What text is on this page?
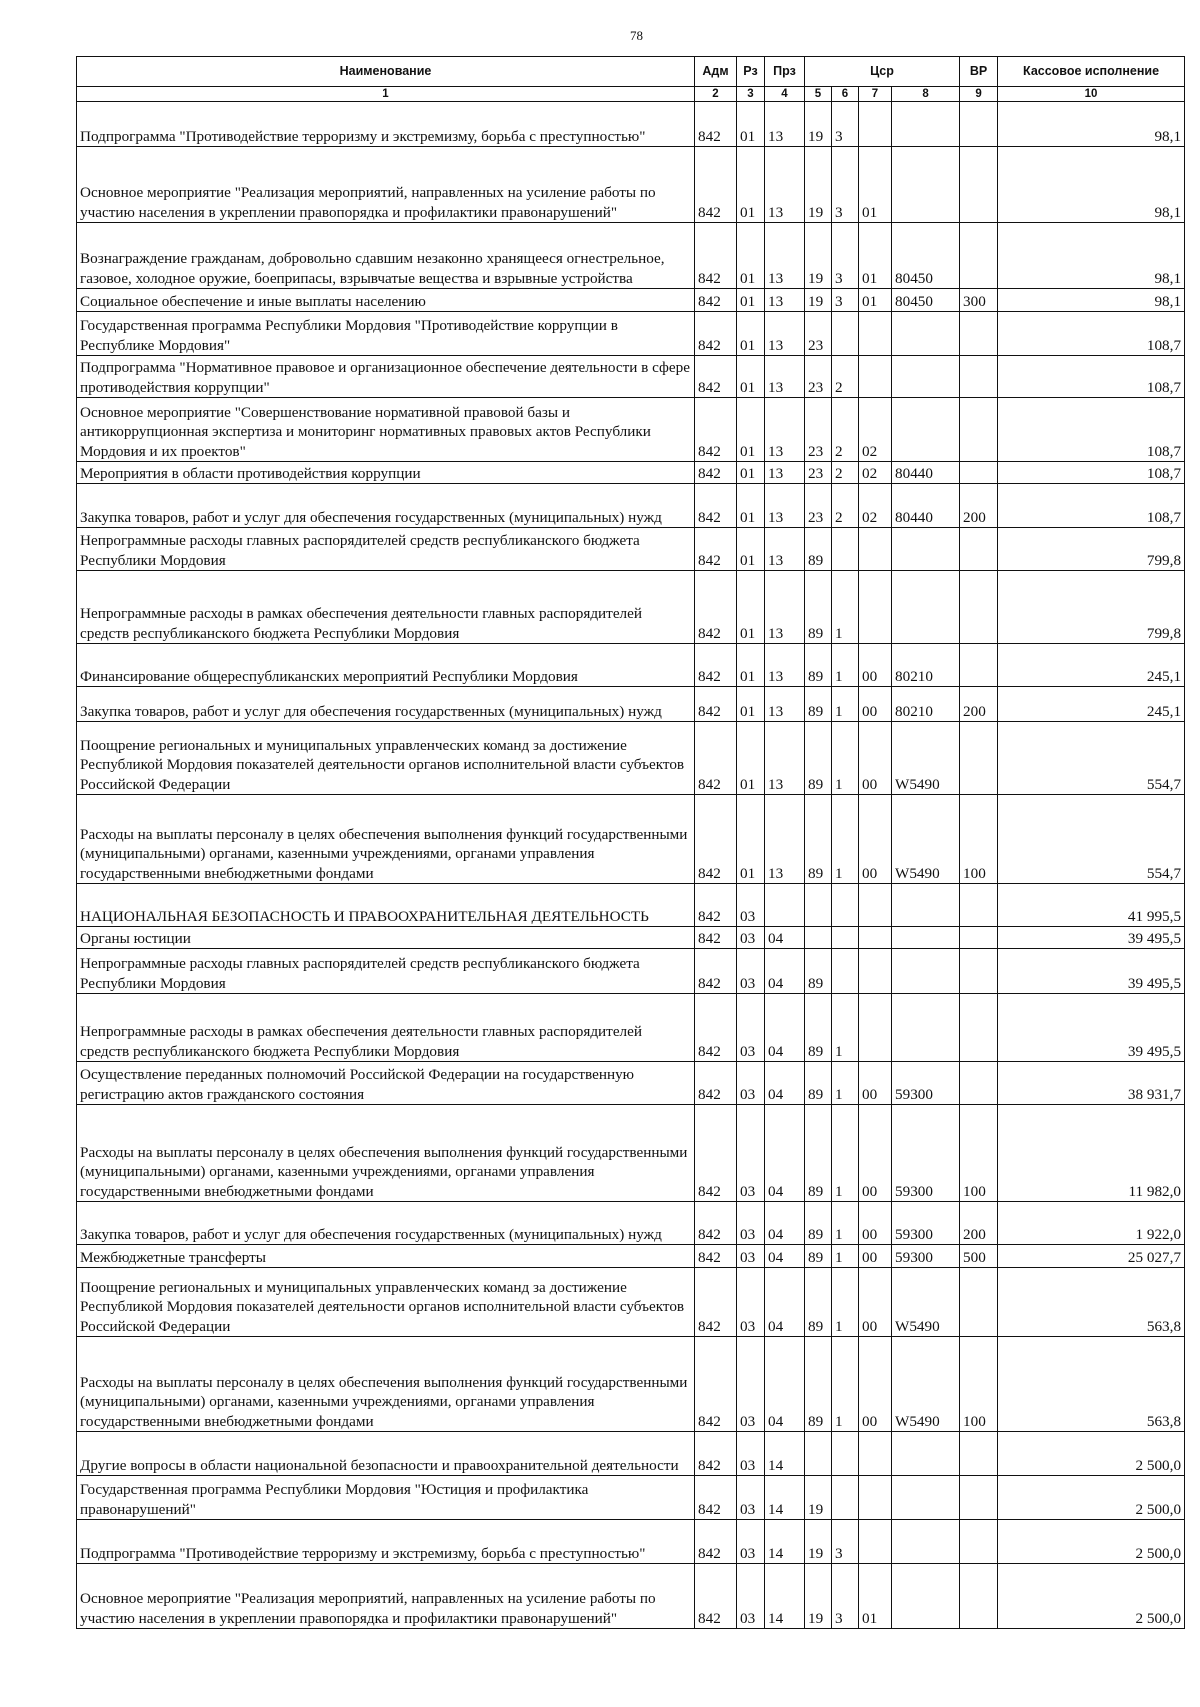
78
Наименование	Адм	Рз	Прз	Цср				ВР	Кассовое исполнение
1	2	3	4	5	6	7	8	9	10
Подпрограмма "Противодействие терроризму и экстремизму, борьба с преступностью"	842	01	13	19	3				98,1
Основное мероприятие "Реализация мероприятий, направленных на усиление работы по участию населения в укреплении правопорядка и профилактики правонарушений"	842	01	13	19	3	01			98,1
Вознаграждение гражданам, добровольно сдавшим незаконно хранящееся огнестрельное, газовое, холодное оружие, боеприпасы, взрывчатые вещества и взрывные устройства	842	01	13	19	3	01	80450		98,1
Социальное обеспечение и иные выплаты населению	842	01	13	19	3	01	80450	300	98,1
Государственная программа Республики Мордовия "Противодействие коррупции в Республике Мордовия"	842	01	13	23					108,7
Подпрограмма "Нормативное правовое и организационное обеспечение деятельности в сфере противодействия коррупции"	842	01	13	23	2				108,7
Основное мероприятие "Совершенствование нормативной правовой базы и антикоррупционная экспертиза и мониторинг нормативных правовых актов Республики Мордовия и их проектов"	842	01	13	23	2	02			108,7
Мероприятия в области противодействия коррупции	842	01	13	23	2	02	80440		108,7
Закупка товаров, работ и услуг для обеспечения государственных (муниципальных) нужд	842	01	13	23	2	02	80440	200	108,7
Непрограммные расходы главных распорядителей средств республиканского бюджета Республики Мордовия	842	01	13	89					799,8
Непрограммные расходы в рамках обеспечения деятельности главных распорядителей средств республиканского бюджета Республики Мордовия	842	01	13	89	1				799,8
Финансирование общереспубликанских мероприятий Республики Мордовия	842	01	13	89	1	00	80210		245,1
Закупка товаров, работ и услуг для обеспечения государственных (муниципальных) нужд	842	01	13	89	1	00	80210	200	245,1
Поощрение региональных и муниципальных управленческих команд за достижение Республикой Мордовия показателей деятельности органов исполнительной власти субъектов Российской Федерации	842	01	13	89	1	00	W5490		554,7
Расходы на выплаты персоналу в целях обеспечения выполнения функций государственными (муниципальными) органами, казенными учреждениями, органами управления государственными внебюджетными фондами	842	01	13	89	1	00	W5490	100	554,7
НАЦИОНАЛЬНАЯ БЕЗОПАСНОСТЬ И ПРАВООХРАНИТЕЛЬНАЯ ДЕЯТЕЛЬНОСТЬ	842	03							41 995,5
Органы юстиции	842	03	04						39 495,5
Непрограммные расходы главных распорядителей средств республиканского бюджета Республики Мордовия	842	03	04	89					39 495,5
Непрограммные расходы в рамках обеспечения деятельности главных распорядителей средств республиканского бюджета Республики Мордовия	842	03	04	89	1				39 495,5
Осуществление переданных полномочий Российской Федерации на государственную регистрацию актов гражданского состояния	842	03	04	89	1	00	59300		38 931,7
Расходы на выплаты персоналу в целях обеспечения выполнения функций государственными (муниципальными) органами, казенными учреждениями, органами управления государственными внебюджетными фондами	842	03	04	89	1	00	59300	100	11 982,0
Закупка товаров, работ и услуг для обеспечения государственных (муниципальных) нужд	842	03	04	89	1	00	59300	200	1 922,0
Межбюджетные трансферты	842	03	04	89	1	00	59300	500	25 027,7
Поощрение региональных и муниципальных управленческих команд за достижение Республикой Мордовия показателей деятельности органов исполнительной власти субъектов Российской Федерации	842	03	04	89	1	00	W5490		563,8
Расходы на выплаты персоналу в целях обеспечения выполнения функций государственными (муниципальными) органами, казенными учреждениями, органами управления государственными внебюджетными фондами	842	03	04	89	1	00	W5490	100	563,8
Другие вопросы в области национальной безопасности и правоохранительной деятельности	842	03	14						2 500,0
Государственная программа Республики Мордовия "Юстиция и профилактика правонарушений"	842	03	14	19					2 500,0
Подпрограмма "Противодействие терроризму и экстремизму, борьба с преступностью"	842	03	14	19	3				2 500,0
Основное мероприятие "Реализация мероприятий, направленных на усиление работы по участию населения в укреплении правопорядка и профилактики правонарушений"	842	03	14	19	3	01			2 500,0
